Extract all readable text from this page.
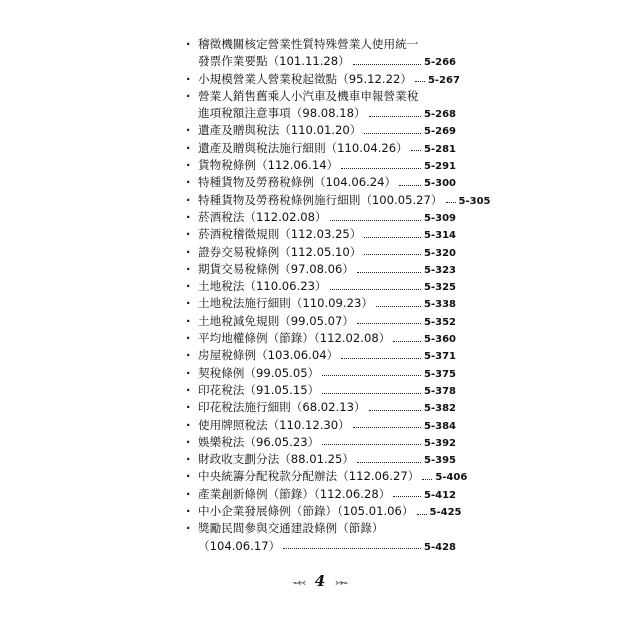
· 稽徵機關核定營業性質特殊營業人使用統一
發票作業要點（101.11.28）	5-266
· 小規模營業人營業稅起徵點（95.12.22） 5-267
· 營業人銷售舊乘人小汽車及機車申報營業稅
進項稅額注意事項（98.08.18）	5-268
· 遺產及贈與稅法（110.01.20）	5-269
· 遺產及贈與稅法施行細則（110.04.26） 5-281
· 貨物稅條例（112.06.14）	5-291
· 特種貨物及勞務稅條例（104.06.24）	5-300
· 特種貨物及勞務稅條例施行細則（100.05.27） 5-305
· 菸酒稅法（112.02.08）	5-309
· 菸酒稅稽徵規則（112.03.25）	5-314
· 證券交易稅條例（112.05.10）	5-320
· 期貨交易稅條例（97.08.06）	5-323
· 土地稅法（110.06.23）	5-325
· 土地稅法施行細則（110.09.23）	5-338
· 土地稅減免規則（99.05.07）	5-352
· 平均地權條例（節錄）（112.02.08）	5-360
· 房屋稅條例（103.06.04）	5-371
· 契稅條例（99.05.05）	5-375
· 印花稅法（91.05.15）	5-378
· 印花稅法施行細則（68.02.13）	5-382
· 使用牌照稅法（110.12.30）	5-384
· 娛樂稅法（96.05.23）	5-392
· 財政收支劃分法（88.01.25）	5-395
· 中央統籌分配稅款分配辦法（112.06.27） 5-406
· 產業創新條例（節錄）（112.06.28）	5-412
· 中小企業發展條例（節錄）（105.01.06） 5-425
· 獎勵民間參與交通建設條例（節錄）
（104.06.17）	5-428
⌁↢ 4 ↣⌁
